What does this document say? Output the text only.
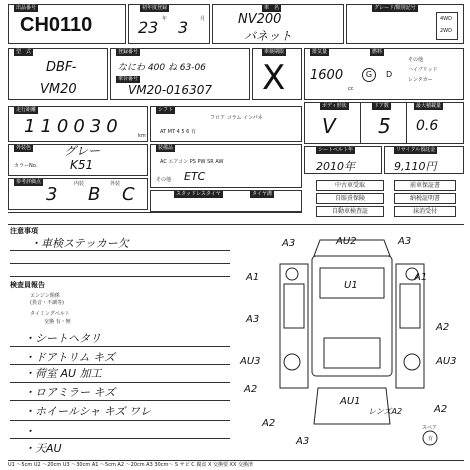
出品番号
CH0110
初年度登録
23 年 3 月
車　名
NV200
バネット
グレード/類別記号
4WD
2WD
型　式
DBF-
VM20
登録番号
なにわ 400 ね 63-06
車台番号
VM20-016307
車検期限
X
排気量
1600
cc
燃料
G	D
その他
ハイブリッド
レンタカー
ボディ形状
V
ドア数
5
最大積載量
0.6
走行距離
110030	km
シフト
フロア コラム インパネ
AT MT 4 5 6 有
外装色	グレー
カラーNo.	K51
装備品
AC エアコン PS PW SR AW
その他 ETC
シートベルト年
2010年
リサイクル預託金
9,110円
参考評価点
3	内装 B 外装 C	スタッドレスタイヤ	タイヤ溝
中古車受取	前車保証書
自賠責保険	納税証明書
自動車検査証	抹消受付
注意事項
・車検ステッカー欠
検査員報告
エンジン関係
(異音・不調等)
タイミングベルト
交換 有・無
・シートヘタリ
・ドアトリム キズ
・荷室 AU 加工
・ロアミラー キズ
・ホイールシャ キズ ワレ
・
・天AU
A3	AU2	A3
A1
U1
A1
A3
A2
AU3	AU3
A2
AU1
A2
A2
A3
レンズA2
スペア
有
U1 〜5cm U2 〜20cm U3 〜30cm A1 〜5cm A2 〜20cm A3 30cm〜 S サビ C 腐食 X 交換要 XX 交換済
